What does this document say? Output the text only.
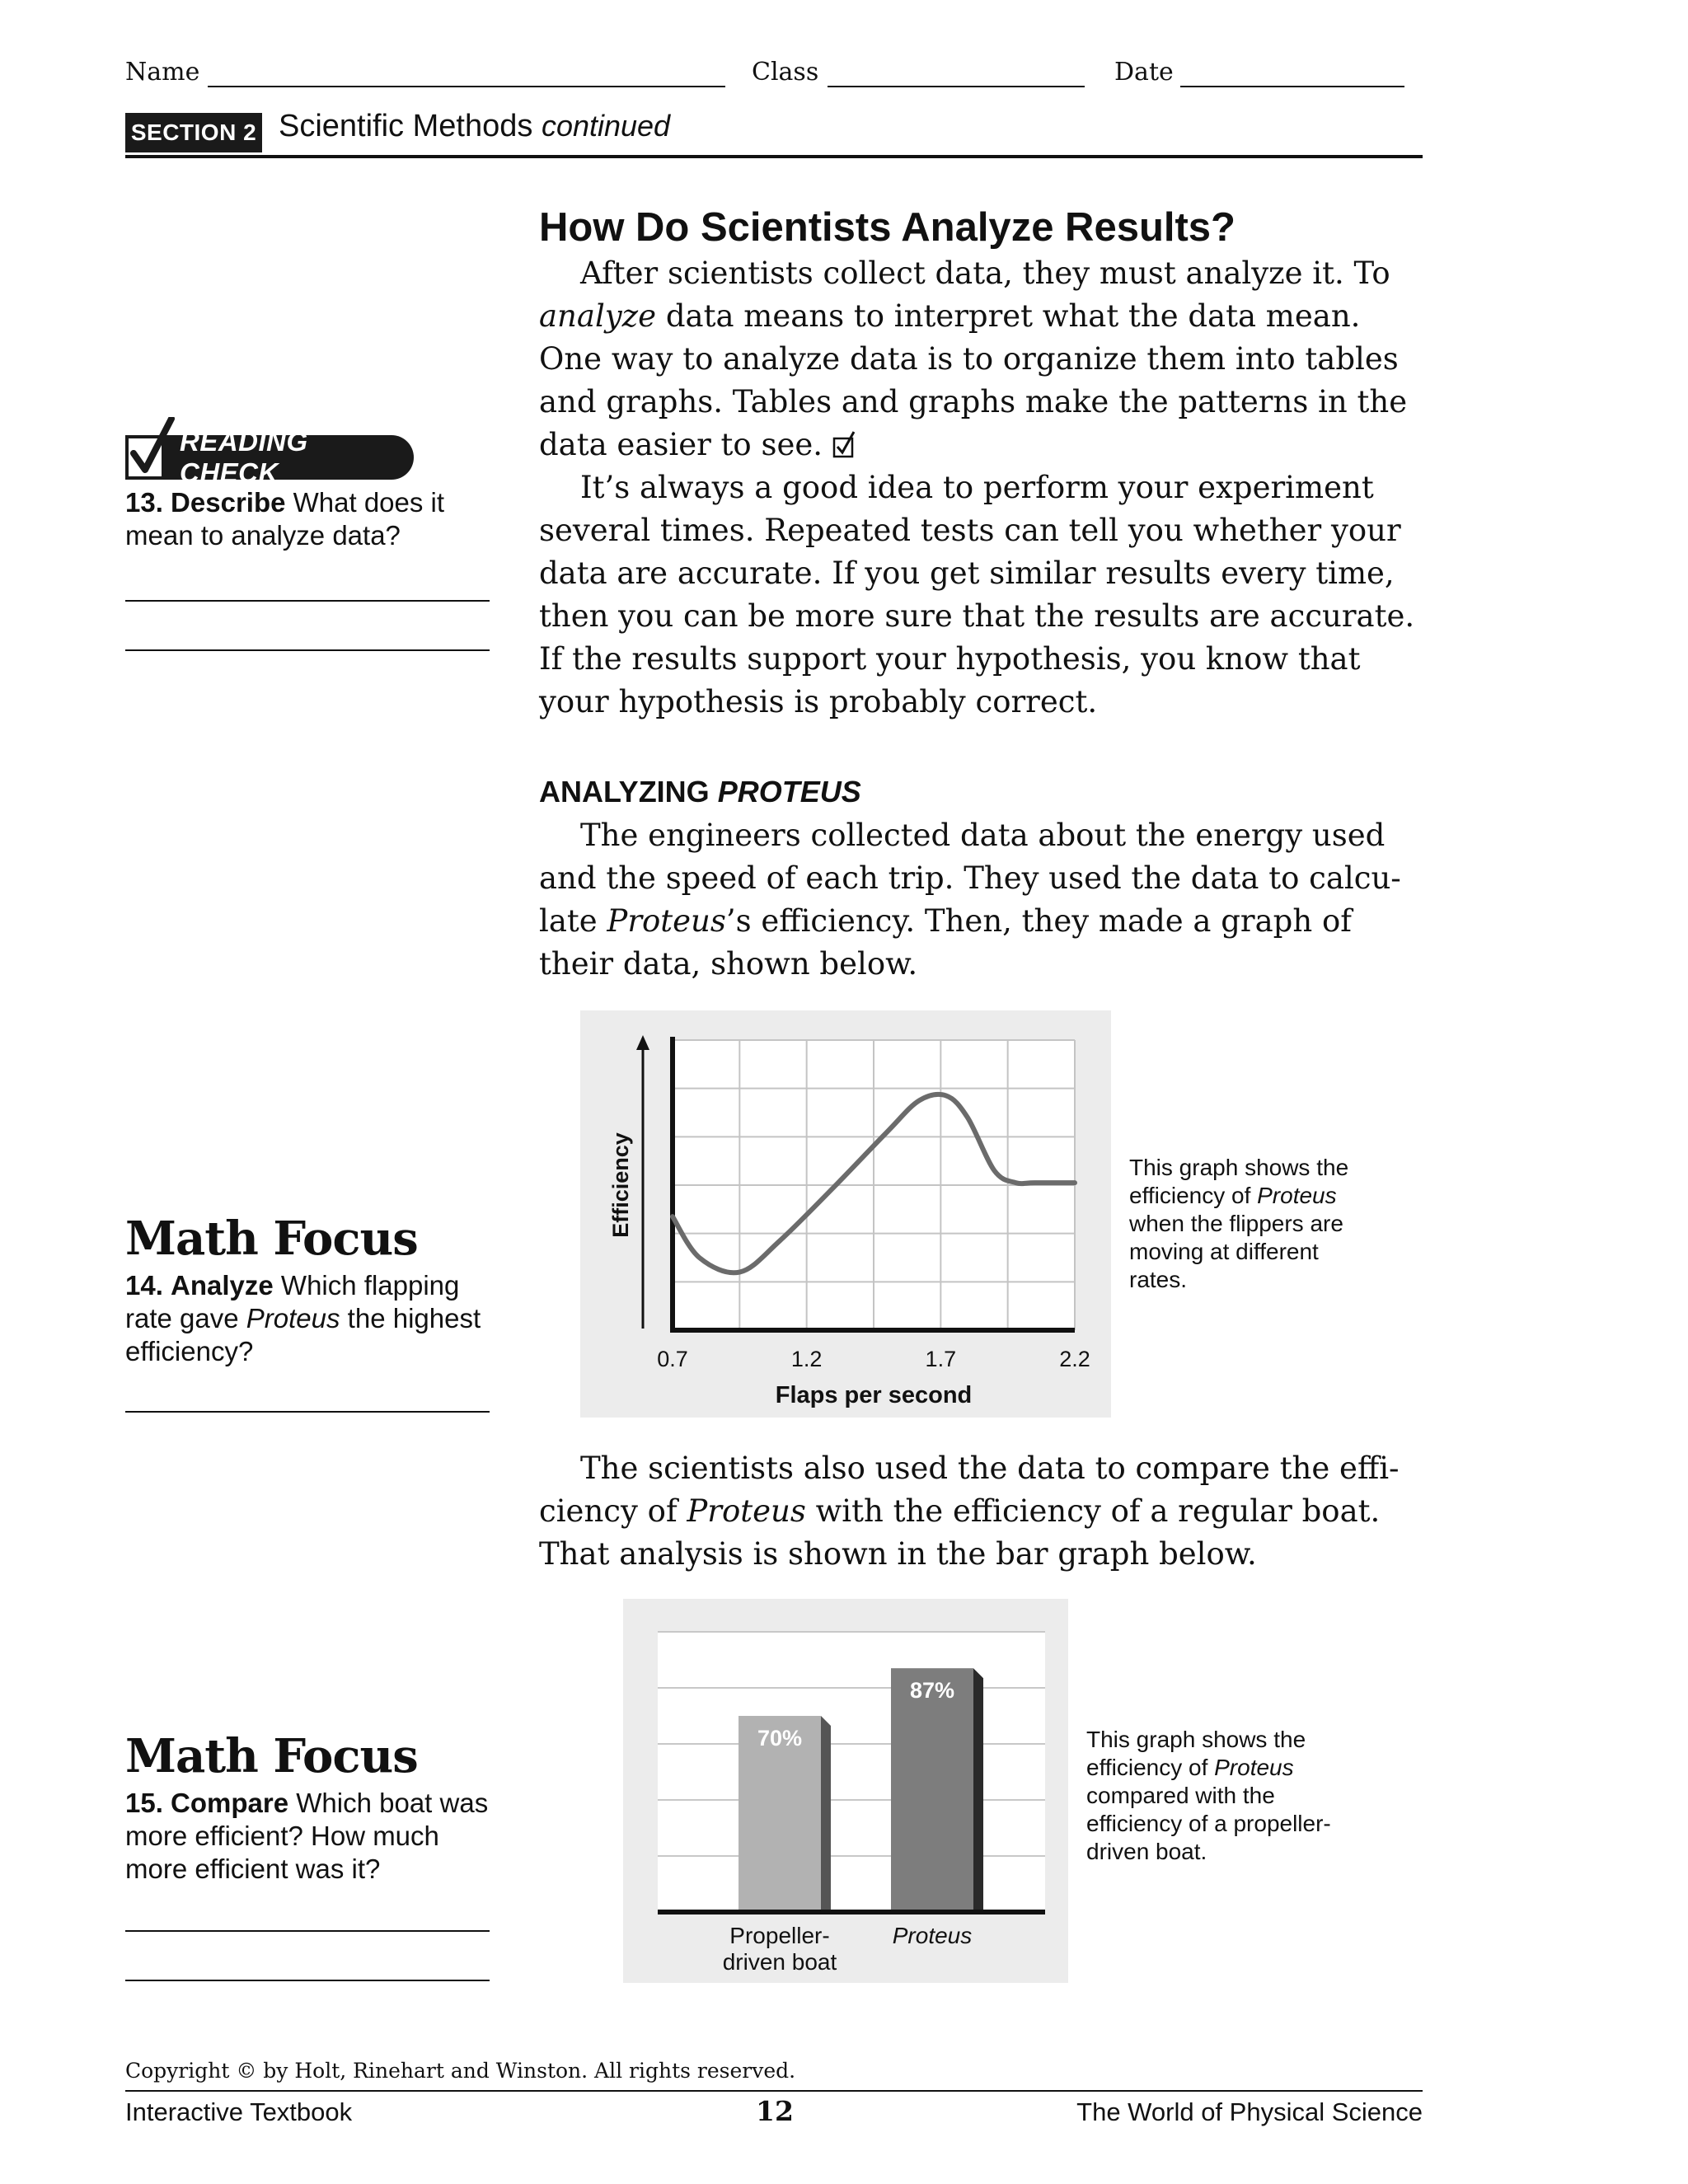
Name	Class	Date
SECTION 2 Scientific Methods continued
How Do Scientists Analyze Results?

After scientists collect data, they must analyze it. To analyze data means to interpret what the data mean. One way to analyze data is to organize them into tables and graphs. Tables and graphs make the patterns in the data easier to see.

It’s always a good idea to perform your experiment several times. Repeated tests can tell you whether your data are accurate. If you get similar results every time, then you can be more sure that the results are accurate. If the results support your hypothesis, you know that your hypothesis is probably correct.

ANALYZING PROTEUS

The engineers collected data about the energy used and the speed of each trip. They used the data to calcu-late Proteus’s efficiency. Then, they made a graph of their data, shown below.

The scientists also used the data to compare the effi-ciency of Proteus with the efficiency of a regular boat. That analysis is shown in the bar graph below.

READING CHECK
13. Describe What does it mean to analyze data?
Math Focus
14. Analyze Which flapping rate gave Proteus the highest efficiency?
Math Focus
15. Compare Which boat was more efficient? How much more efficient was it?
Efficiency
0.7	1.2	1.7	2.2
Flaps per second
This graph shows the efficiency of Proteus when the flippers are moving at different rates.
70%
Propeller-
driven boat
87%
Proteus
This graph shows the efficiency of Proteus compared with the efficiency of a propeller-driven boat.
Copyright © by Holt, Rinehart and Winston. All rights reserved.
Interactive Textbook	12	The World of Physical Science
